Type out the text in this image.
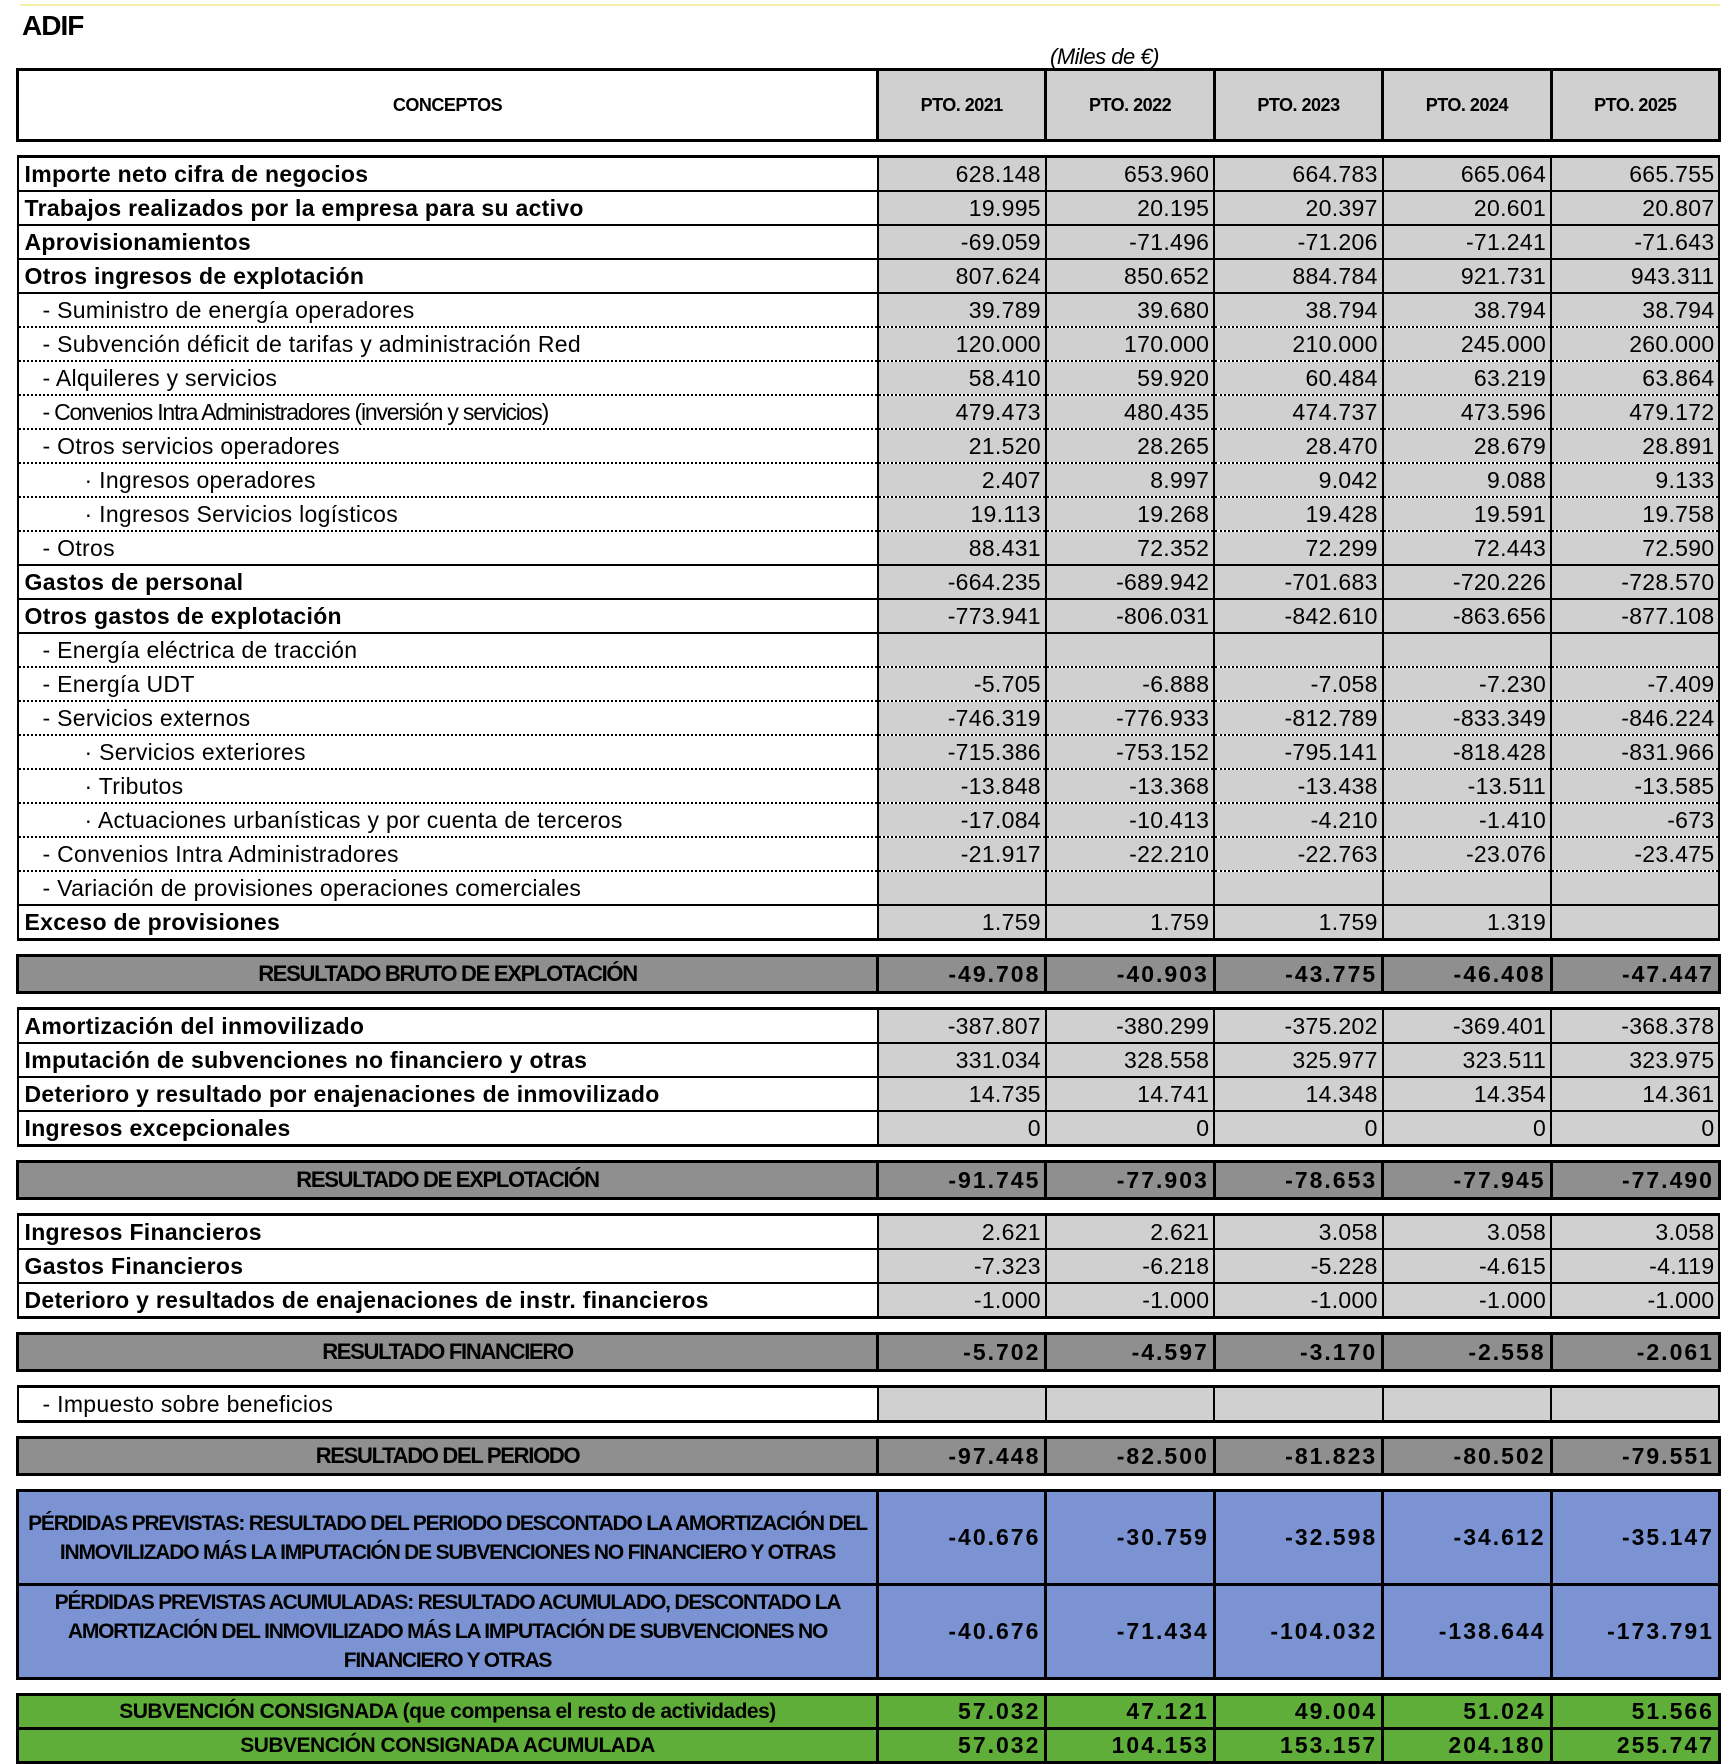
ADIF
(Miles de €)
CONCEPTOS	PTO. 2021	PTO. 2022	PTO. 2023	PTO. 2024	PTO. 2025

Importe neto cifra de negocios	628.148	653.960	664.783	665.064	665.755
Trabajos realizados por la empresa para su activo	19.995	20.195	20.397	20.601	20.807
Aprovisionamientos	-69.059	-71.496	-71.206	-71.241	-71.643
Otros ingresos de explotación	807.624	850.652	884.784	921.731	943.311
- Suministro de energía operadores	39.789	39.680	38.794	38.794	38.794
- Subvención déficit de tarifas y administración Red	120.000	170.000	210.000	245.000	260.000
- Alquileres y servicios	58.410	59.920	60.484	63.219	63.864
- Convenios Intra Administradores (inversión y servicios)	479.473	480.435	474.737	473.596	479.172
- Otros servicios operadores	21.520	28.265	28.470	28.679	28.891
· Ingresos operadores	2.407	8.997	9.042	9.088	9.133
· Ingresos Servicios logísticos	19.113	19.268	19.428	19.591	19.758
- Otros	88.431	72.352	72.299	72.443	72.590
Gastos de personal	-664.235	-689.942	-701.683	-720.226	-728.570
Otros gastos de explotación	-773.941	-806.031	-842.610	-863.656	-877.108
- Energía eléctrica de tracción					
- Energía UDT	-5.705	-6.888	-7.058	-7.230	-7.409
- Servicios externos	-746.319	-776.933	-812.789	-833.349	-846.224
· Servicios exteriores	-715.386	-753.152	-795.141	-818.428	-831.966
· Tributos	-13.848	-13.368	-13.438	-13.511	-13.585
· Actuaciones urbanísticas y por cuenta de terceros	-17.084	-10.413	-4.210	-1.410	-673
- Convenios Intra Administradores	-21.917	-22.210	-22.763	-23.076	-23.475
- Variación de provisiones operaciones comerciales					
Exceso de provisiones	1.759	1.759	1.759	1.319	

RESULTADO BRUTO DE EXPLOTACIÓN	-49.708	-40.903	-43.775	-46.408	-47.447

Amortización del inmovilizado	-387.807	-380.299	-375.202	-369.401	-368.378
Imputación de subvenciones no financiero y otras	331.034	328.558	325.977	323.511	323.975
Deterioro y resultado por enajenaciones de inmovilizado	14.735	14.741	14.348	14.354	14.361
Ingresos excepcionales	0	0	0	0	0

RESULTADO DE EXPLOTACIÓN	-91.745	-77.903	-78.653	-77.945	-77.490

Ingresos Financieros	2.621	2.621	3.058	3.058	3.058
Gastos Financieros	-7.323	-6.218	-5.228	-4.615	-4.119
Deterioro y resultados de enajenaciones de instr. financieros	-1.000	-1.000	-1.000	-1.000	-1.000

RESULTADO FINANCIERO	-5.702	-4.597	-3.170	-2.558	-2.061

- Impuesto sobre beneficios					

RESULTADO DEL PERIODO	-97.448	-82.500	-81.823	-80.502	-79.551

PÉRDIDAS PREVISTAS: RESULTADO DEL PERIODO DESCONTADO LA AMORTIZACIÓN DEL INMOVILIZADO MÁS LA IMPUTACIÓN DE SUBVENCIONES NO FINANCIERO Y OTRAS	-40.676	-30.759	-32.598	-34.612	-35.147
PÉRDIDAS PREVISTAS ACUMULADAS: RESULTADO ACUMULADO, DESCONTADO LA AMORTIZACIÓN DEL INMOVILIZADO MÁS LA IMPUTACIÓN DE SUBVENCIONES NO FINANCIERO Y OTRAS	-40.676	-71.434	-104.032	-138.644	-173.791

SUBVENCIÓN CONSIGNADA (que compensa el resto de actividades)	57.032	47.121	49.004	51.024	51.566
SUBVENCIÓN CONSIGNADA ACUMULADA	57.032	104.153	153.157	204.180	255.747
